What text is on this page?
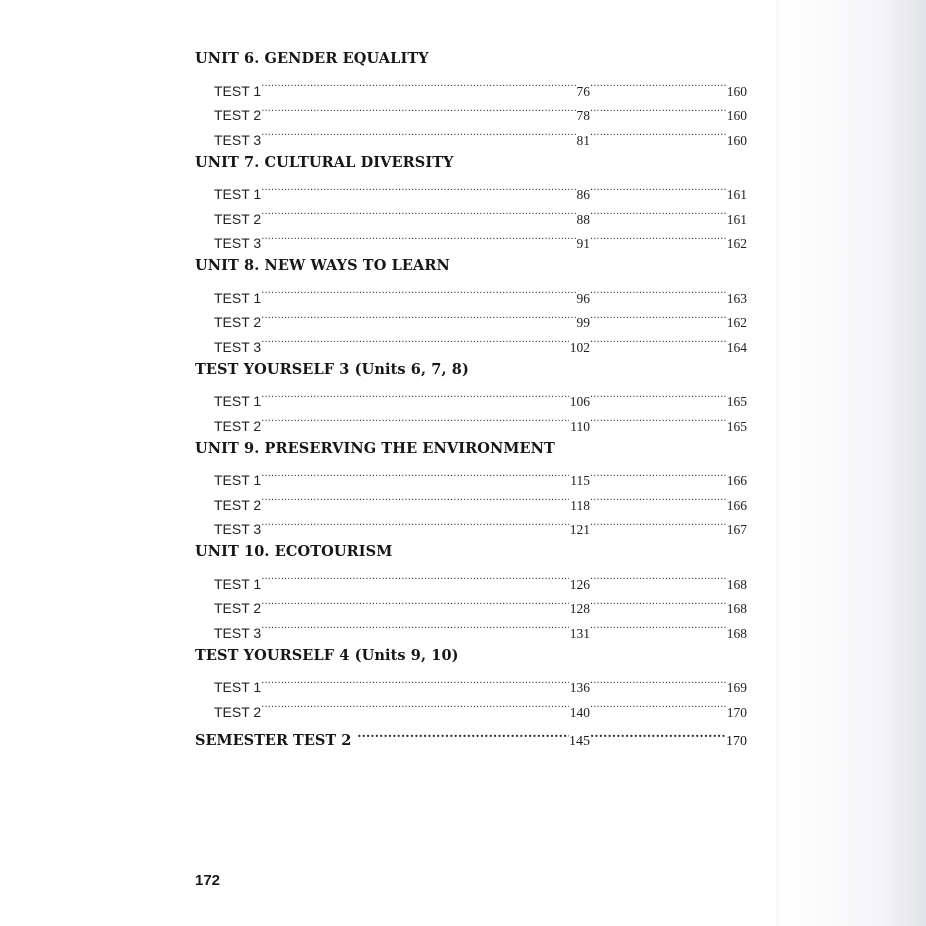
UNIT 6. GENDER EQUALITY
TEST 1 .....	76 .....	160
TEST 2 .....	78 .....	160
TEST 3 .....	81 .....	160
UNIT 7. CULTURAL DIVERSITY
TEST 1 .....	86 .....	161
TEST 2 .....	88 .....	161
TEST 3 .....	91 .....	162
UNIT 8. NEW WAYS TO LEARN
TEST 1 .....	96 .....	163
TEST 2 .....	99 .....	162
TEST 3 .....	102 .....	164
TEST YOURSELF 3 (Units 6, 7, 8)
TEST 1 .....	106 .....	165
TEST 2 .....	110 .....	165
UNIT 9. PRESERVING THE ENVIRONMENT
TEST 1 .....	115 .....	166
TEST 2 .....	118 .....	166
TEST 3 .....	121 .....	167
UNIT 10. ECOTOURISM
TEST 1 .....	126 .....	168
TEST 2 .....	128 .....	168
TEST 3 .....	131 .....	168
TEST YOURSELF 4 (Units 9, 10)
TEST 1 .....	136 .....	169
TEST 2 .....	140 .....	170
SEMESTER TEST 2 .....	145 .....	170
172
